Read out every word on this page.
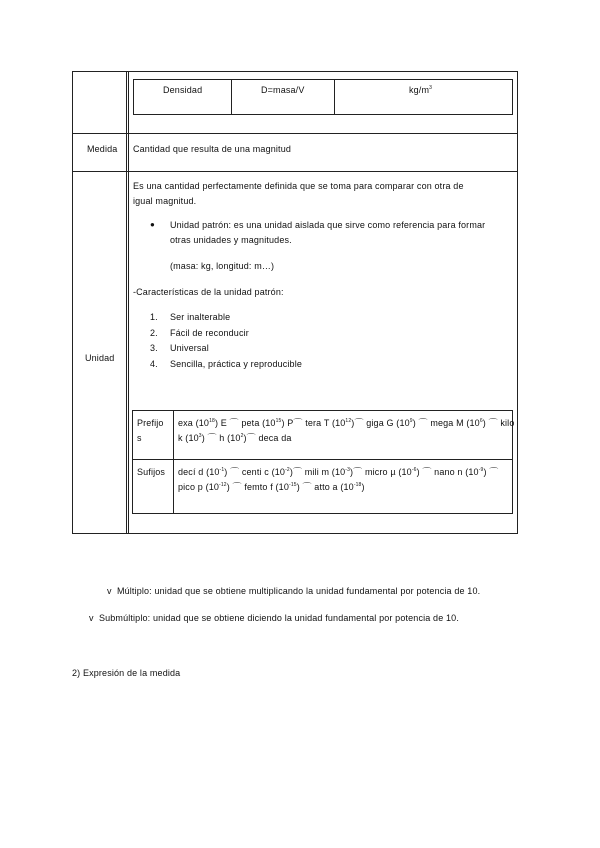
Densidad	D=masa/V	$kg/m^3$
Medida Cantidad que resulta de una magnitud
Unidad
Es una cantidad perfectamente definida que se toma para comparar con otra de
igual magnitud.
● Unidad patrón: es una unidad aislada que sirve como referencia para formar
otras unidades y magnitudes.
(masa: kg, longitud: m…)
-Características de la unidad patrón:
1. Ser inalterable
2. Fácil de reconducir
3. Universal
4. Sencilla, práctica y reproducible
Prefijo
s
exa $(10^{18})$ E ⌒ peta $(10^{15})$ P⌒ tera T $(10^{12})⌒$ giga G $(10^9)$ ⌒ mega M $(10^6)$ ⌒ kilo
k $(10^3)$ ⌒ h $(10^2)⌒$ deca da
Sufijos decí d $(10^{-1})$ ⌒ centi c $(10^{-2})⌒$ mili m $(10^{-3})⌒$ micro µ $(10^{-6})$ ⌒ nano n $(10^{-9})$ ⌒
pico p $(10^{-12})$ ⌒ femto f $(10^{-15})$ ⌒ atto a $(10^{-18})$
v Múltiplo: unidad que se obtiene multiplicando la unidad fundamental por potencia de 10.
v Submúltiplo: unidad que se obtiene diciendo la unidad fundamental por potencia de 10.
2) Expresión de la medida
